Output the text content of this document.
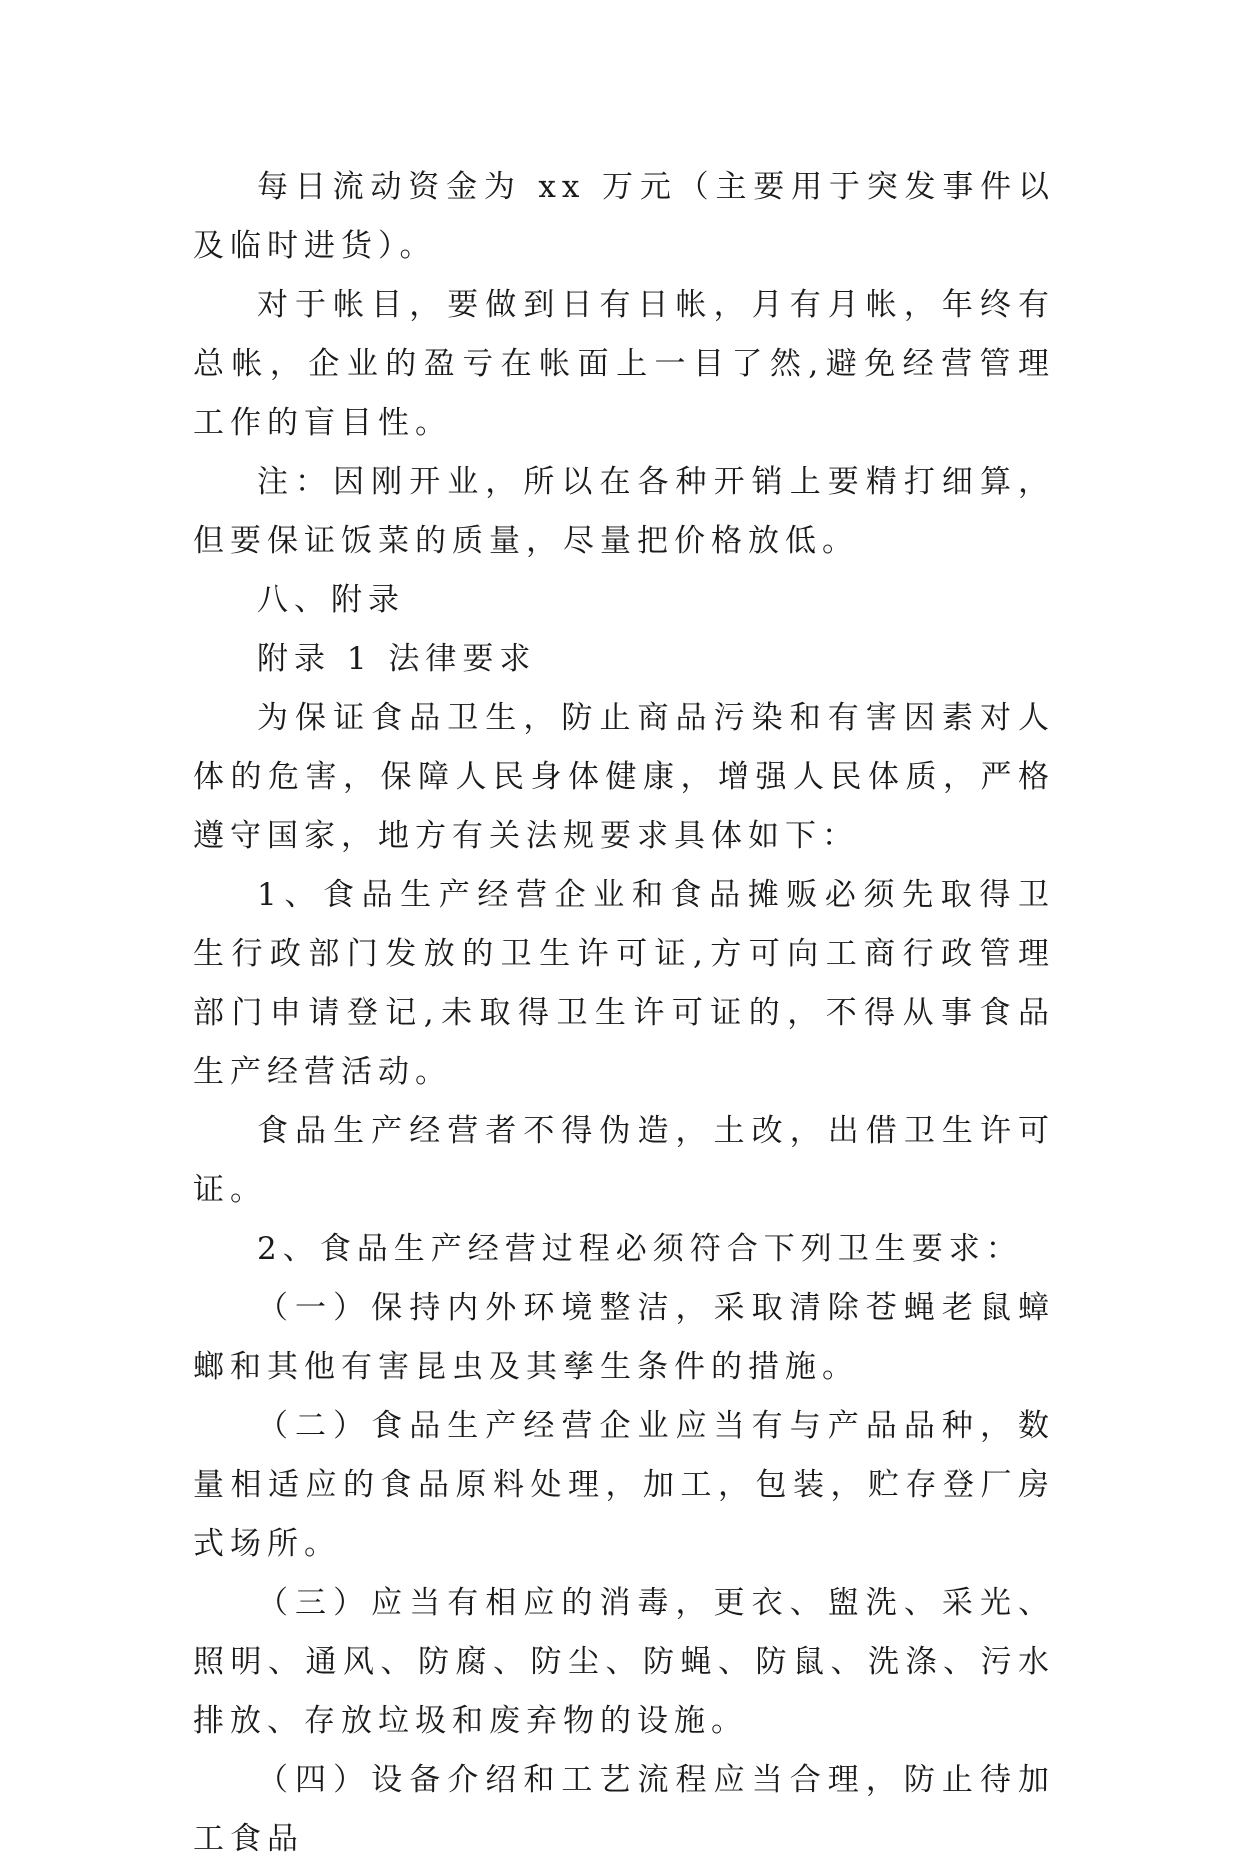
每日流动资金为 xx 万元（主要用于突发事件以及临时进货）。

对于帐目，要做到日有日帐，月有月帐，年终有总帐，企业的盈亏在帐面上一目了然,避免经营管理工作的盲目性。

注：因刚开业，所以在各种开销上要精打细算，但要保证饭菜的质量，尽量把价格放低。

八、附录

附录 1 法律要求

为保证食品卫生，防止商品污染和有害因素对人体的危害，保障人民身体健康，增强人民体质，严格遵守国家，地方有关法规要求具体如下：

1、食品生产经营企业和食品摊贩必须先取得卫生行政部门发放的卫生许可证,方可向工商行政管理部门申请登记,未取得卫生许可证的，不得从事食品生产经营活动。

食品生产经营者不得伪造，土改，出借卫生许可证。

2、食品生产经营过程必须符合下列卫生要求：

（一）保持内外环境整洁，采取清除苍蝇老鼠蟑螂和其他有害昆虫及其孳生条件的措施。

（二）食品生产经营企业应当有与产品品种，数量相适应的食品原料处理，加工，包装，贮存登厂房式场所。

（三）应当有相应的消毒，更衣、盥洗、采光、照明、通风、防腐、防尘、防蝇、防鼠、洗涤、污水排放、存放垃圾和废弃物的设施。

（四）设备介绍和工艺流程应当合理，防止待加工食品
